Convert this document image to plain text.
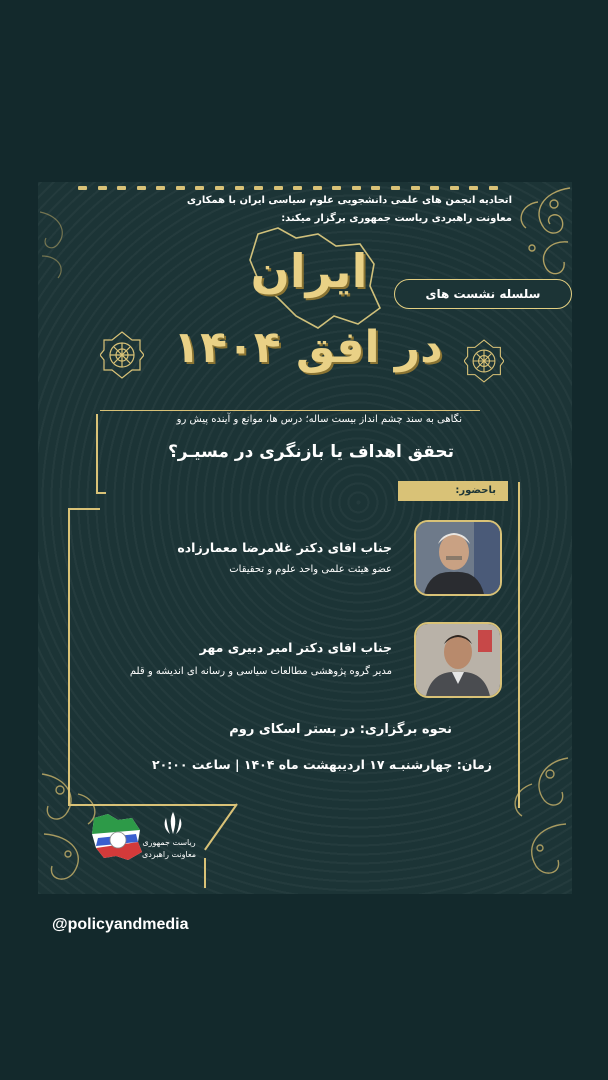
اتحادیه انجمن های علمی دانشجویی علوم سیاسی ایران با همکاری
معاونت راهبردی ریاست جمهوری برگزار میکند:
ایران	سلسله نشست های
در افق ۱۴۰۴
نگاهی به سند چشم انداز بیست ساله؛ درس ها، موانع و آینده پیش رو
تحقق اهداف یا بازنگری در مسیـر؟
باحضور:
جناب اقای دکتر غلامرضا معمارزاده
عضو هیئت علمی واحد علوم و تحقیقات
جناب اقای دکتر امیر دبیری مهر
مدیر گروه پژوهشی مطالعات سیاسی و رسانه ای اندیشه و قلم
نحوه برگزاری: در بستر اسکای روم
زمان: چهارشنبـه ۱۷ اردیبهشت ماه ۱۴۰۴ | ساعت ۲۰:۰۰
ریاست جمهوری
معاونت راهبردی
@policyandmedia
